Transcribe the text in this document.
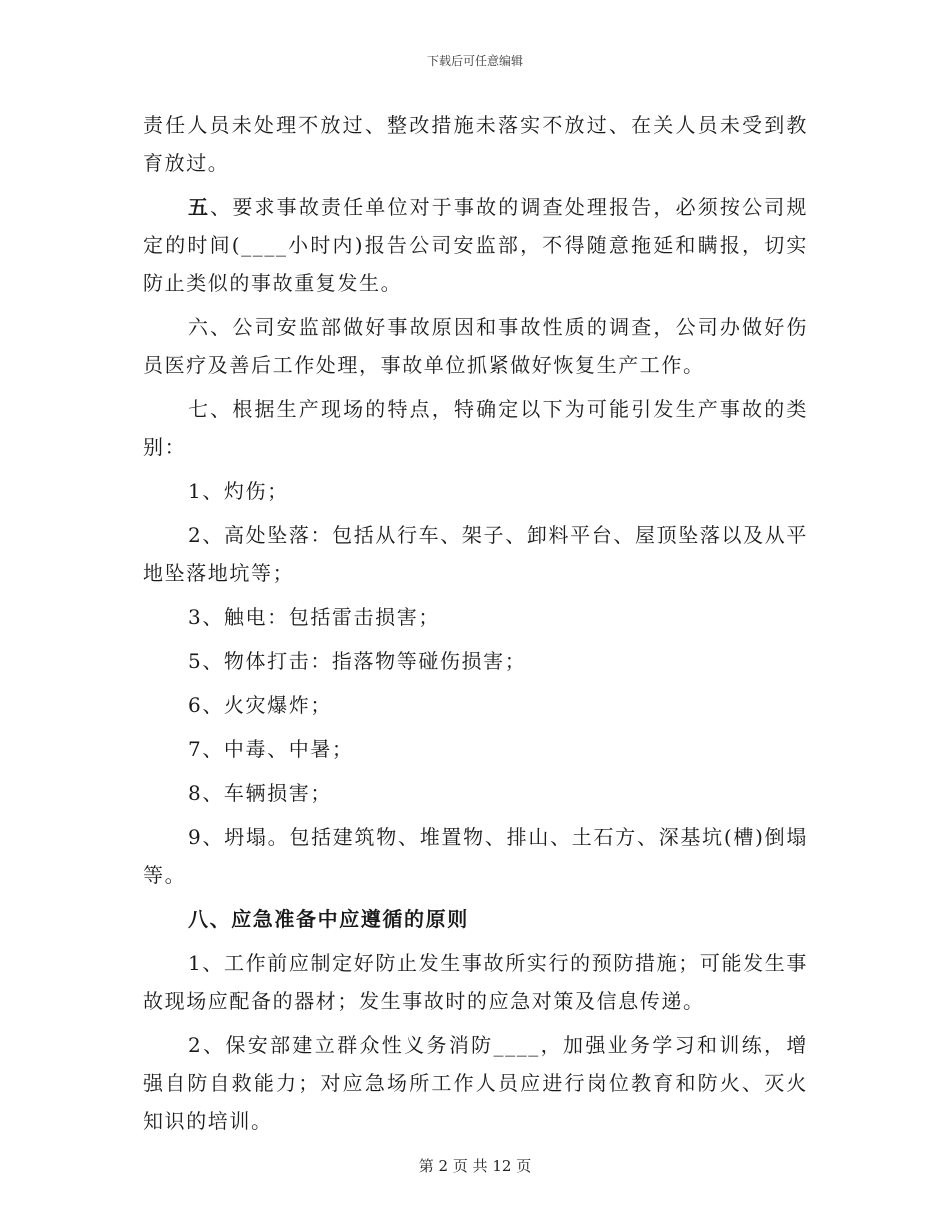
下载后可任意编辑

责任人员未处理不放过、整改措施未落实不放过、在关人员未受到教育放过。

五、要求事故责任单位对于事故的调查处理报告，必须按公司规定的时间(____小时内)报告公司安监部，不得随意拖延和瞒报，切实防止类似的事故重复发生。

六、公司安监部做好事故原因和事故性质的调查，公司办做好伤员医疗及善后工作处理，事故单位抓紧做好恢复生产工作。

七、根据生产现场的特点，特确定以下为可能引发生产事故的类别：

1、灼伤；

2、高处坠落：包括从行车、架子、卸料平台、屋顶坠落以及从平地坠落地坑等；

3、触电：包括雷击损害；

5、物体打击：指落物等碰伤损害；

6、火灾爆炸；

7、中毒、中暑；

8、车辆损害；

9、坍塌。包括建筑物、堆置物、排山、土石方、深基坑(槽)倒塌等。

八、应急准备中应遵循的原则

1、工作前应制定好防止发生事故所实行的预防措施；可能发生事故现场应配备的器材；发生事故时的应急对策及信息传递。

2、保安部建立群众性义务消防____，加强业务学习和训练，增强自防自救能力；对应急场所工作人员应进行岗位教育和防火、灭火知识的培训。

第 2 页 共 12 页
